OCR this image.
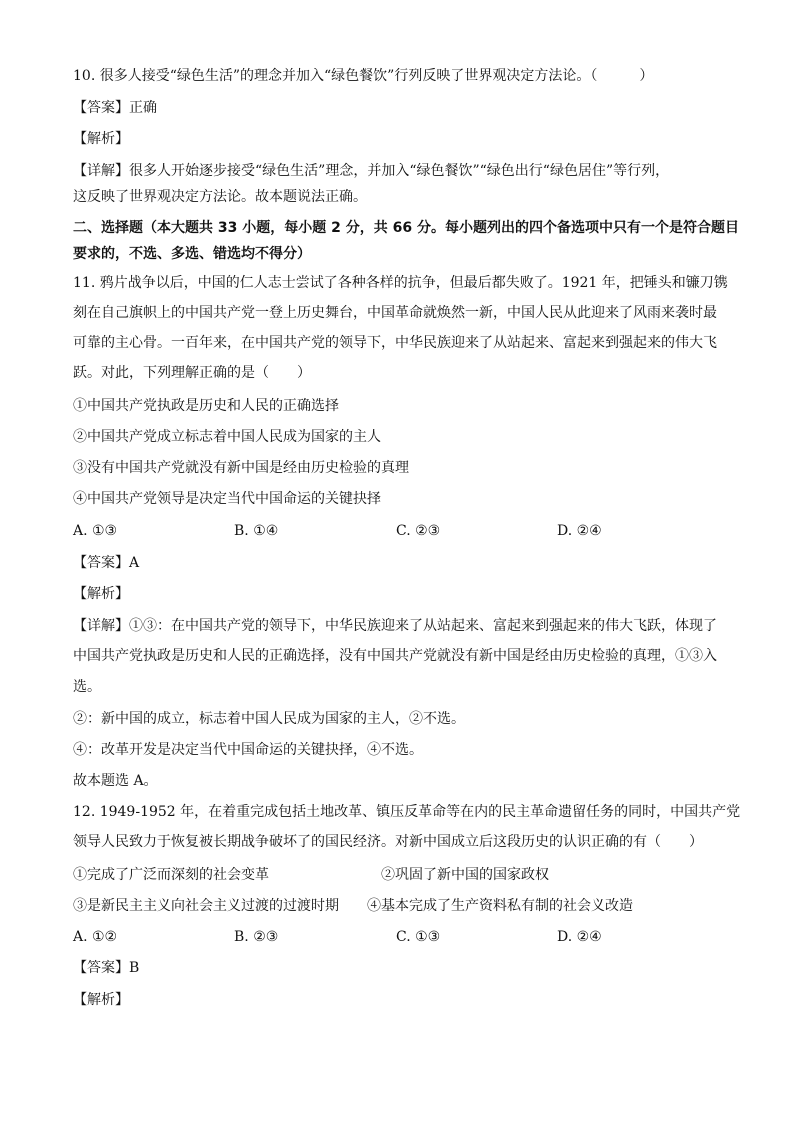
10. 很多人接受“绿色生活”的理念并加入“绿色餐饮”行列反映了世界观决定方法论。（　　　）
【答案】正确
【解析】
【详解】很多人开始逐步接受“绿色生活”理念，并加入“绿色餐饮”“绿色出行“绿色居住”等行列，
这反映了世界观决定方法论。故本题说法正确。
二、选择题（本大题共 33 小题，每小题 2 分，共 66 分。每小题列出的四个备选项中只有一个是符合题目
要求的，不选、多选、错选均不得分）
11. 鸦片战争以后，中国的仁人志士尝试了各种各样的抗争，但最后都失败了。1921 年，把锤头和镰刀镌
刻在自己旗帜上的中国共产党一登上历史舞台，中国革命就焕然一新，中国人民从此迎来了风雨来袭时最
可靠的主心骨。一百年来，在中国共产党的领导下，中华民族迎来了从站起来、富起来到强起来的伟大飞
跃。对此，下列理解正确的是（　　）
①中国共产党执政是历史和人民的正确选择
②中国共产党成立标志着中国人民成为国家的主人
③没有中国共产党就没有新中国是经由历史检验的真理
④中国共产党领导是决定当代中国命运的关键抉择
A. ①③	B. ①④	C. ②③	D. ②④
【答案】A
【解析】
【详解】①③：在中国共产党的领导下，中华民族迎来了从站起来、富起来到强起来的伟大飞跃，体现了
中国共产党执政是历史和人民的正确选择，没有中国共产党就没有新中国是经由历史检验的真理，①③入
选。
②：新中国的成立，标志着中国人民成为国家的主人，②不选。
④：改革开发是决定当代中国命运的关键抉择，④不选。
故本题选 A。
12. 1949-1952 年，在着重完成包括土地改革、镇压反革命等在内的民主革命遗留任务的同时，中国共产党
领导人民致力于恢复被长期战争破坏了的国民经济。对新中国成立后这段历史的认识正确的有（　　）
①完成了广泛而深刻的社会变革	②巩固了新中国的国家政权
③是新民主主义向社会主义过渡的过渡时期 ④基本完成了生产资料私有制的社会义改造
A. ①②	B. ②③	C. ①③	D. ②④
【答案】B
【解析】
